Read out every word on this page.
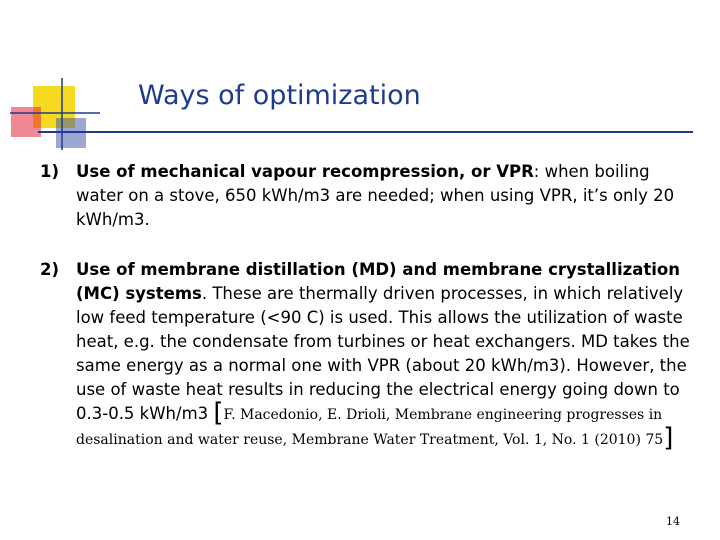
Ways of optimization
1) Use of mechanical vapour recompression, or VPR: when boiling water on a stove, 650 kWh/m3 are needed; when using VPR, it’s only 20 kWh/m3.
2) Use of membrane distillation (MD) and membrane crystallization (MC) systems. These are thermally driven processes, in which relatively low feed temperature (<90 C) is used. This allows the utilization of waste heat, e.g. the condensate from turbines or heat exchangers. MD takes the same energy as a normal one with VPR (about 20 kWh/m3). However, the use of waste heat results in reducing the electrical energy going down to 0.3-0.5 kWh/m3 [F. Macedonio, E. Drioli, Membrane engineering progresses in desalination and water reuse, Membrane Water Treatment, Vol. 1, No. 1 (2010) 75]
14
